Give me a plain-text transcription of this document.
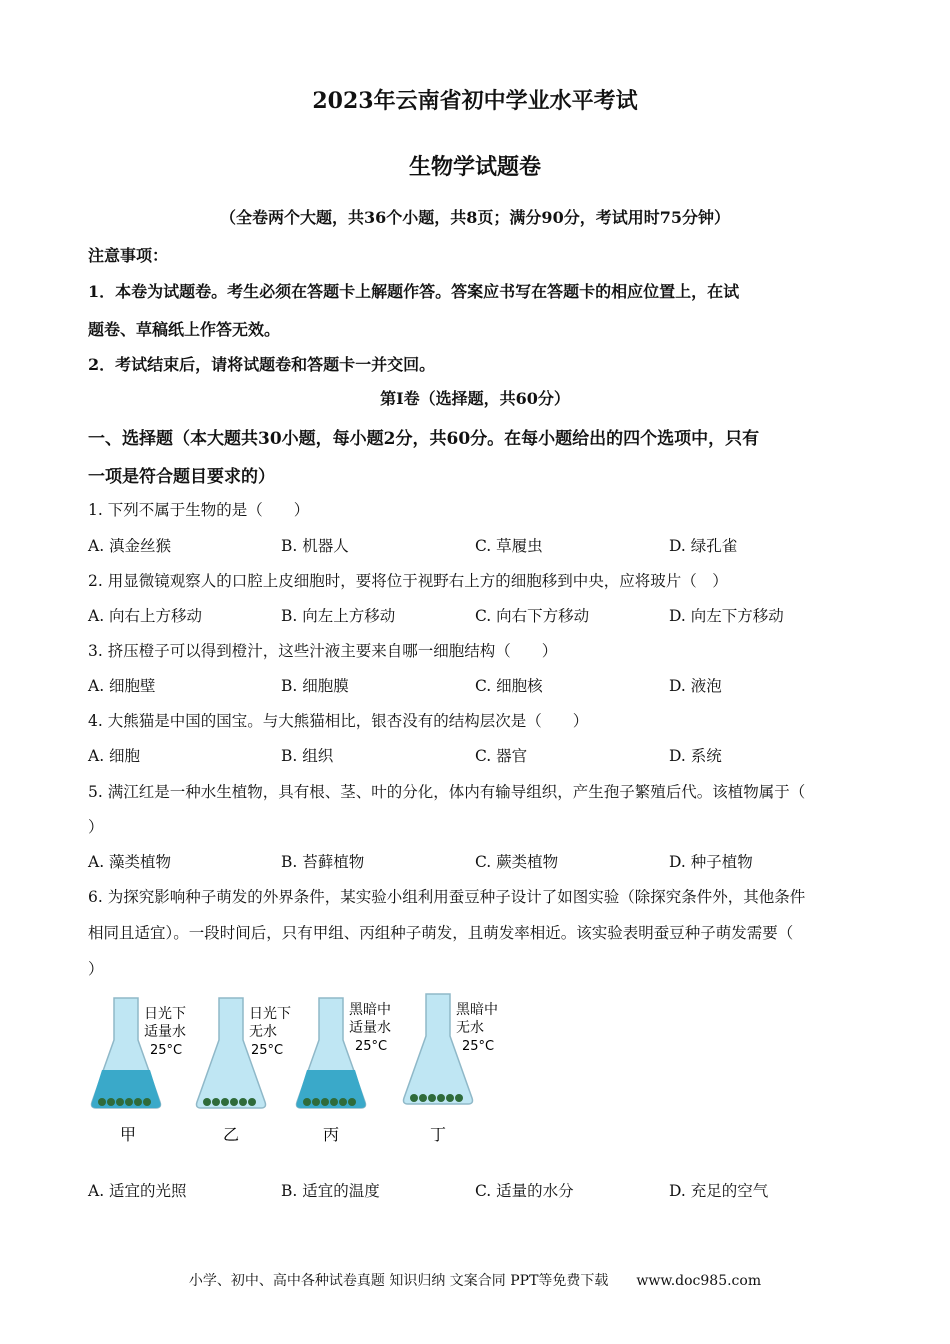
2023年云南省初中学业水平考试
生物学试题卷
（全卷两个大题，共36个小题，共8页；满分90分，考试用时75分钟）
注意事项：
1．本卷为试题卷。考生必须在答题卡上解题作答。答案应书写在答题卡的相应位置上，在试
题卷、草稿纸上作答无效。
2．考试结束后，请将试题卷和答题卡一并交回。
第I卷（选择题，共60分）
一、选择题（本大题共30小题，每小题2分，共60分。在每小题给出的四个选项中，只有
一项是符合题目要求的）
1. 下列不属于生物的是（　　）
A. 滇金丝猴	B. 机器人	C. 草履虫	D. 绿孔雀
2. 用显微镜观察人的口腔上皮细胞时，要将位于视野右上方的细胞移到中央，应将玻片（　）
A. 向右上方移动	B. 向左上方移动	C. 向右下方移动	D. 向左下方移动
3. 挤压橙子可以得到橙汁，这些汁液主要来自哪一细胞结构（　　）
A. 细胞壁	B. 细胞膜	C. 细胞核	D. 液泡
4. 大熊猫是中国的国宝。与大熊猫相比，银杏没有的结构层次是（　　）
A. 细胞	B. 组织	C. 器官	D. 系统
5. 满江红是一种水生植物，具有根、茎、叶的分化，体内有输导组织，产生孢子繁殖后代。该植物属于（
）
A. 藻类植物	B. 苔藓植物	C. 蕨类植物	D. 种子植物
6. 为探究影响种子萌发的外界条件，某实验小组利用蚕豆种子设计了如图实验（除探究条件外，其他条件
相同且适宜）。一段时间后，只有甲组、丙组种子萌发，且萌发率相近。该实验表明蚕豆种子萌发需要（
）
日光下
适量水
25°C
甲
日光下
无水
25°C
乙
黑暗中
适量水
25°C
丙
黑暗中
无水
25°C
丁
A. 适宜的光照	B. 适宜的温度	C. 适量的水分	D. 充足的空气
小学、初中、高中各种试卷真题 知识归纳 文案合同 PPT等免费下载　　www.doc985.com
